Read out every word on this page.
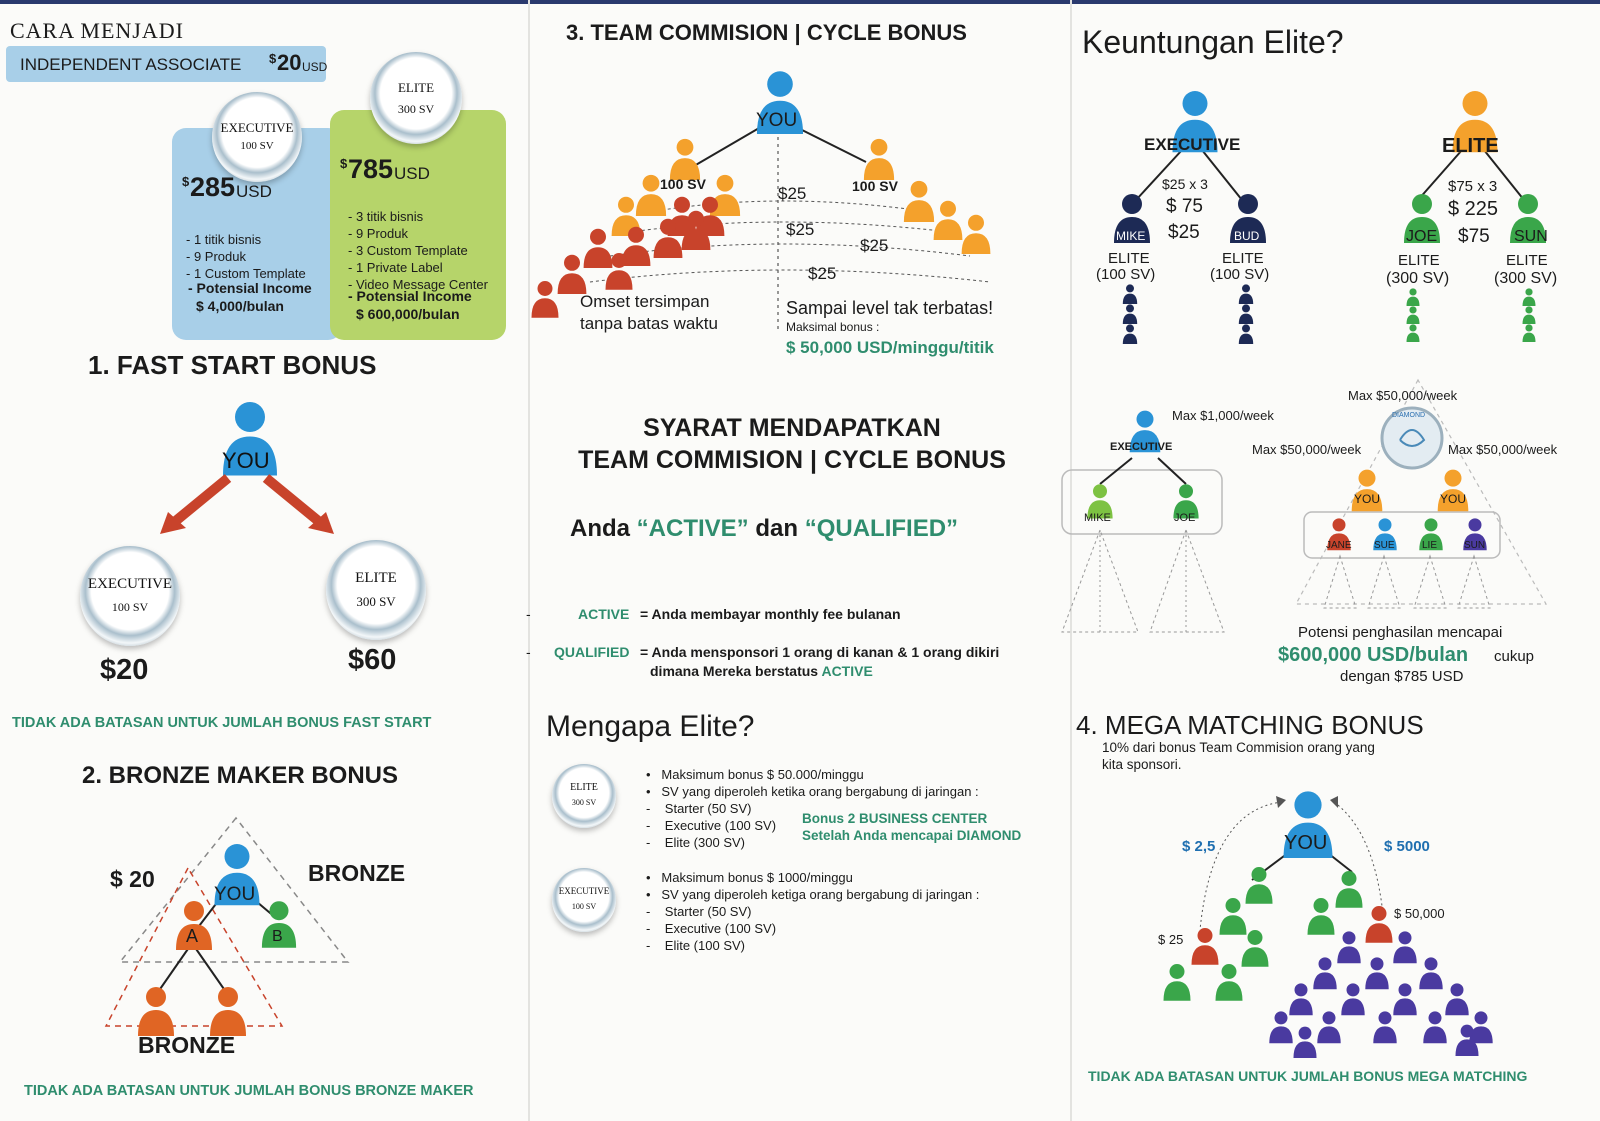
CARA MENJADI
INDEPENDENT ASSOCIATE $ 20 USD
$ 285 USD
- 1 titik bisnis
- 9 Produk
- 1 Custom Template
- Potensial Income
$ 4,000/bulan
$ 785 USD
- 3 titik bisnis
- 9 Produk
- 3 Custom Template
- 1 Private Label
- Video Message Center
- Potensial Income
$ 600,000/bulan
EXECUTIVE
100 SV
ELITE
300 SV
1. FAST START BONUS
YOU
EXECUTIVE
100 SV
ELITE
300 SV
$20	$60
TIDAK ADA BATASAN UNTUK JUMLAH BONUS FAST START
2. BRONZE MAKER BONUS
YOU
A	B
$ 20	BRONZE
BRONZE
TIDAK ADA BATASAN UNTUK JUMLAH BONUS BRONZE MAKER
3. TEAM COMMISION | CYCLE BONUS
YOU
100 SV	100 SV
$25
$25
$25
$25
Omset tersimpan
tanpa batas waktu
Sampai level tak terbatas!
Maksimal bonus :
$ 50,000 USD/minggu/titik
SYARAT MENDAPATKAN
TEAM COMMISION | CYCLE BONUS
Anda “ACTIVE” dan “QUALIFIED”
-	ACTIVE = Anda membayar monthly fee bulanan
- QUALIFIED = Anda mensponsori 1 orang di kanan & 1 orang dikiri
dimana Mereka berstatus ACTIVE
Mengapa Elite?
ELITE
300 SV
•   Maksimum bonus $ 50.000/minggu
•   SV yang diperoleh ketika orang bergabung di jaringan :
-    Starter (50 SV)
-    Executive (100 SV)
-    Elite (300 SV)
Bonus 2 BUSINESS CENTER
Setelah Anda mencapai DIAMOND
EXECUTIVE
100 SV
•   Maksimum bonus $ 1000/minggu
•   SV yang diperoleh ketiga orang bergabung di jaringan :
-    Starter (50 SV)
-    Executive (100 SV)
-    Elite (100 SV)
Keuntungan Elite?
EXECUTIVE
$25 x 3
$ 75
$25
MIKE	BUD
ELITE
(100 SV)
ELITE
(100 SV)
ELITE
$75 x 3
$ 225
$75
JOE	SUN
ELITE
(300 SV)
ELITE
(300 SV)
Max $1,000/week
EXECUTIVE
MIKE	JOE
Max $50,000/week
Max $50,000/week	Max $50,000/week
DIAMOND
YOU	YOU
JANE SUE	LIE	SUN
Potensi penghasilan mencapai
$600,000 USD/bulan cukup
dengan $785 USD
4. MEGA MATCHING BONUS
10% dari bonus Team Commision orang yang
kita sponsori.
YOU
$ 2,5	$ 5000
$ 25
$ 50,000
TIDAK ADA BATASAN UNTUK JUMLAH BONUS MEGA MATCHING
